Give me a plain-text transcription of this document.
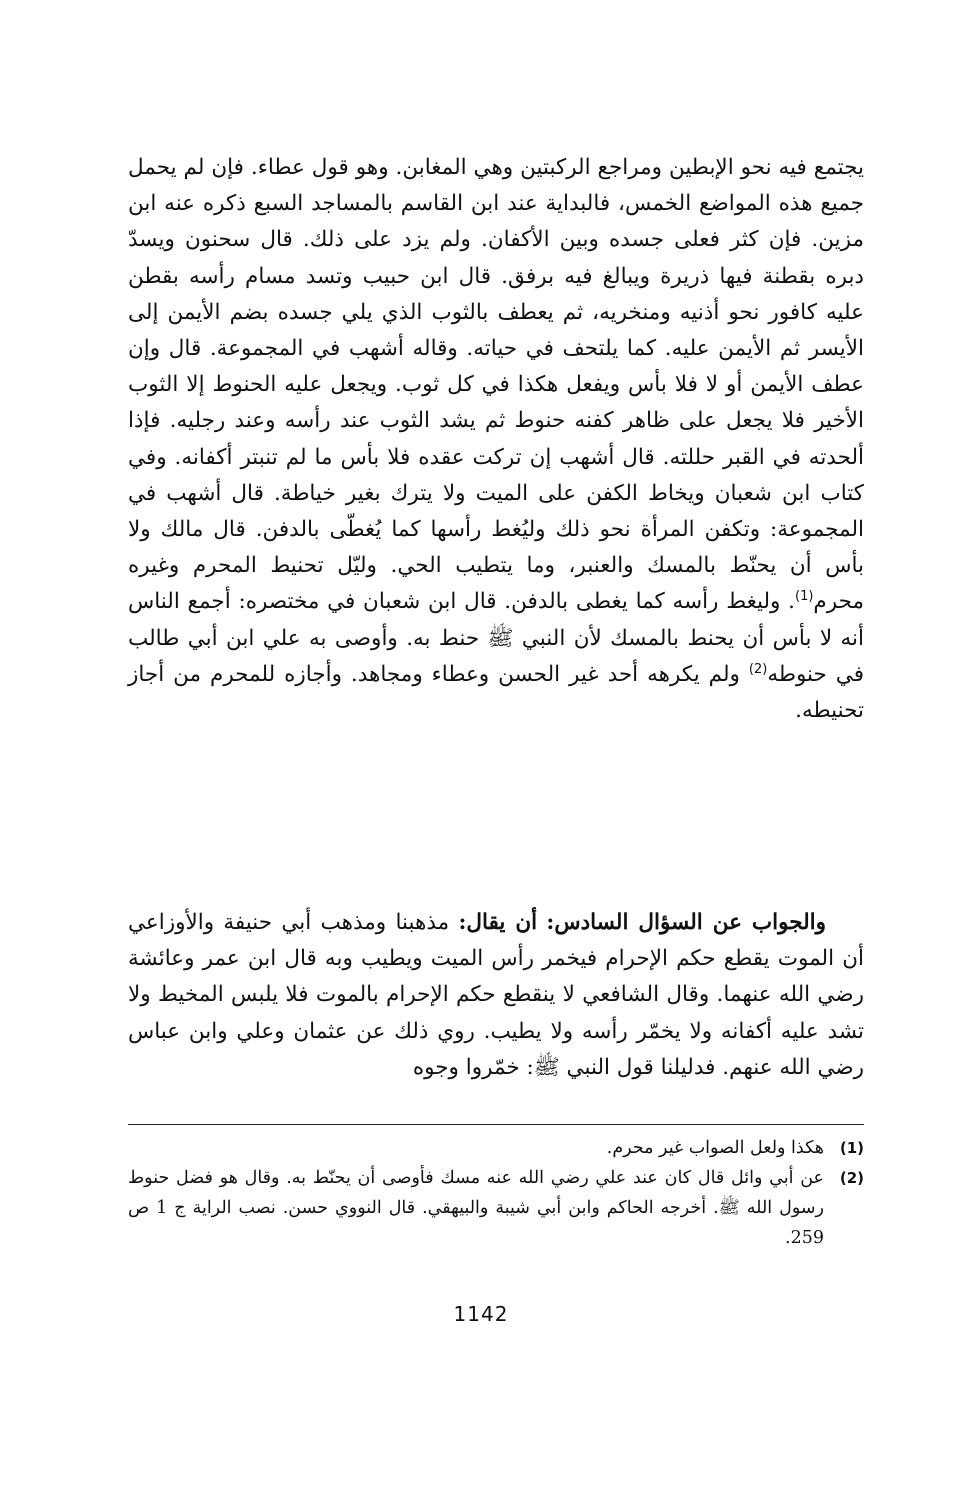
يجتمع فيه نحو الإبطين ومراجع الركبتين وهي المغابن. وهو قول عطاء. فإن لم يحمل جميع هذه المواضع الخمس، فالبداية عند ابن القاسم بالمساجد السبع ذكره عنه ابن مزين. فإن كثر فعلى جسده وبين الأكفان. ولم يزد على ذلك. قال سحنون ويسدّ دبره بقطنة فيها ذريرة ويبالغ فيه برفق. قال ابن حبيب وتسد مسام رأسه بقطن عليه كافور نحو أذنيه ومنخريه، ثم يعطف بالثوب الذي يلي جسده بضم الأيمن إلى الأيسر ثم الأيمن عليه. كما يلتحف في حياته. وقاله أشهب في المجموعة. قال وإن عطف الأيمن أو لا فلا بأس ويفعل هكذا في كل ثوب. ويجعل عليه الحنوط إلا الثوب الأخير فلا يجعل على ظاهر كفنه حنوط ثم يشد الثوب عند رأسه وعند رجليه. فإذا ألحدته في القبر حللته. قال أشهب إن تركت عقده فلا بأس ما لم تنبتر أكفانه. وفي كتاب ابن شعبان ويخاط الكفن على الميت ولا يترك بغير خياطة. قال أشهب في المجموعة: وتكفن المرأة نحو ذلك وليُغط رأسها كما يُغطّى بالدفن. قال مالك ولا بأس أن يحنّط بالمسك والعنبر، وما يتطيب الحي. وليّل تحنيط المحرم وغيره محرم$^{(1)}$. وليغط رأسه كما يغطى بالدفن. قال ابن شعبان في مختصره: أجمع الناس أنه لا بأس أن يحنط بالمسك لأن النبي ﷺ حنط به. وأوصى به علي ابن أبي طالب في حنوطه$^{(2)}$ ولم يكرهه أحد غير الحسن وعطاء ومجاهد. وأجازه للمحرم من أجاز تحنيطه.
والجواب عن السؤال السادس: أن يقال: مذهبنا ومذهب أبي حنيفة والأوزاعي أن الموت يقطع حكم الإحرام فيخمر رأس الميت ويطيب وبه قال ابن عمر وعائشة رضي الله عنهما. وقال الشافعي لا ينقطع حكم الإحرام بالموت فلا يلبس المخيط ولا تشد عليه أكفانه ولا يخمّر رأسه ولا يطيب. روي ذلك عن عثمان وعلي وابن عباس رضي الله عنهم. فدليلنا قول النبي ﷺ: خمّروا وجوه
(1)
هكذا ولعل الصواب غير محرم.
(2)
عن أبي وائل قال كان عند علي رضي الله عنه مسك فأوصى أن يحنّط به. وقال هو فضل حنوط رسول الله ﷺ. أخرجه الحاكم وابن أبي شيبة والبيهقي. قال النووي حسن. نصب الراية ج 1 ص 259.
1142
